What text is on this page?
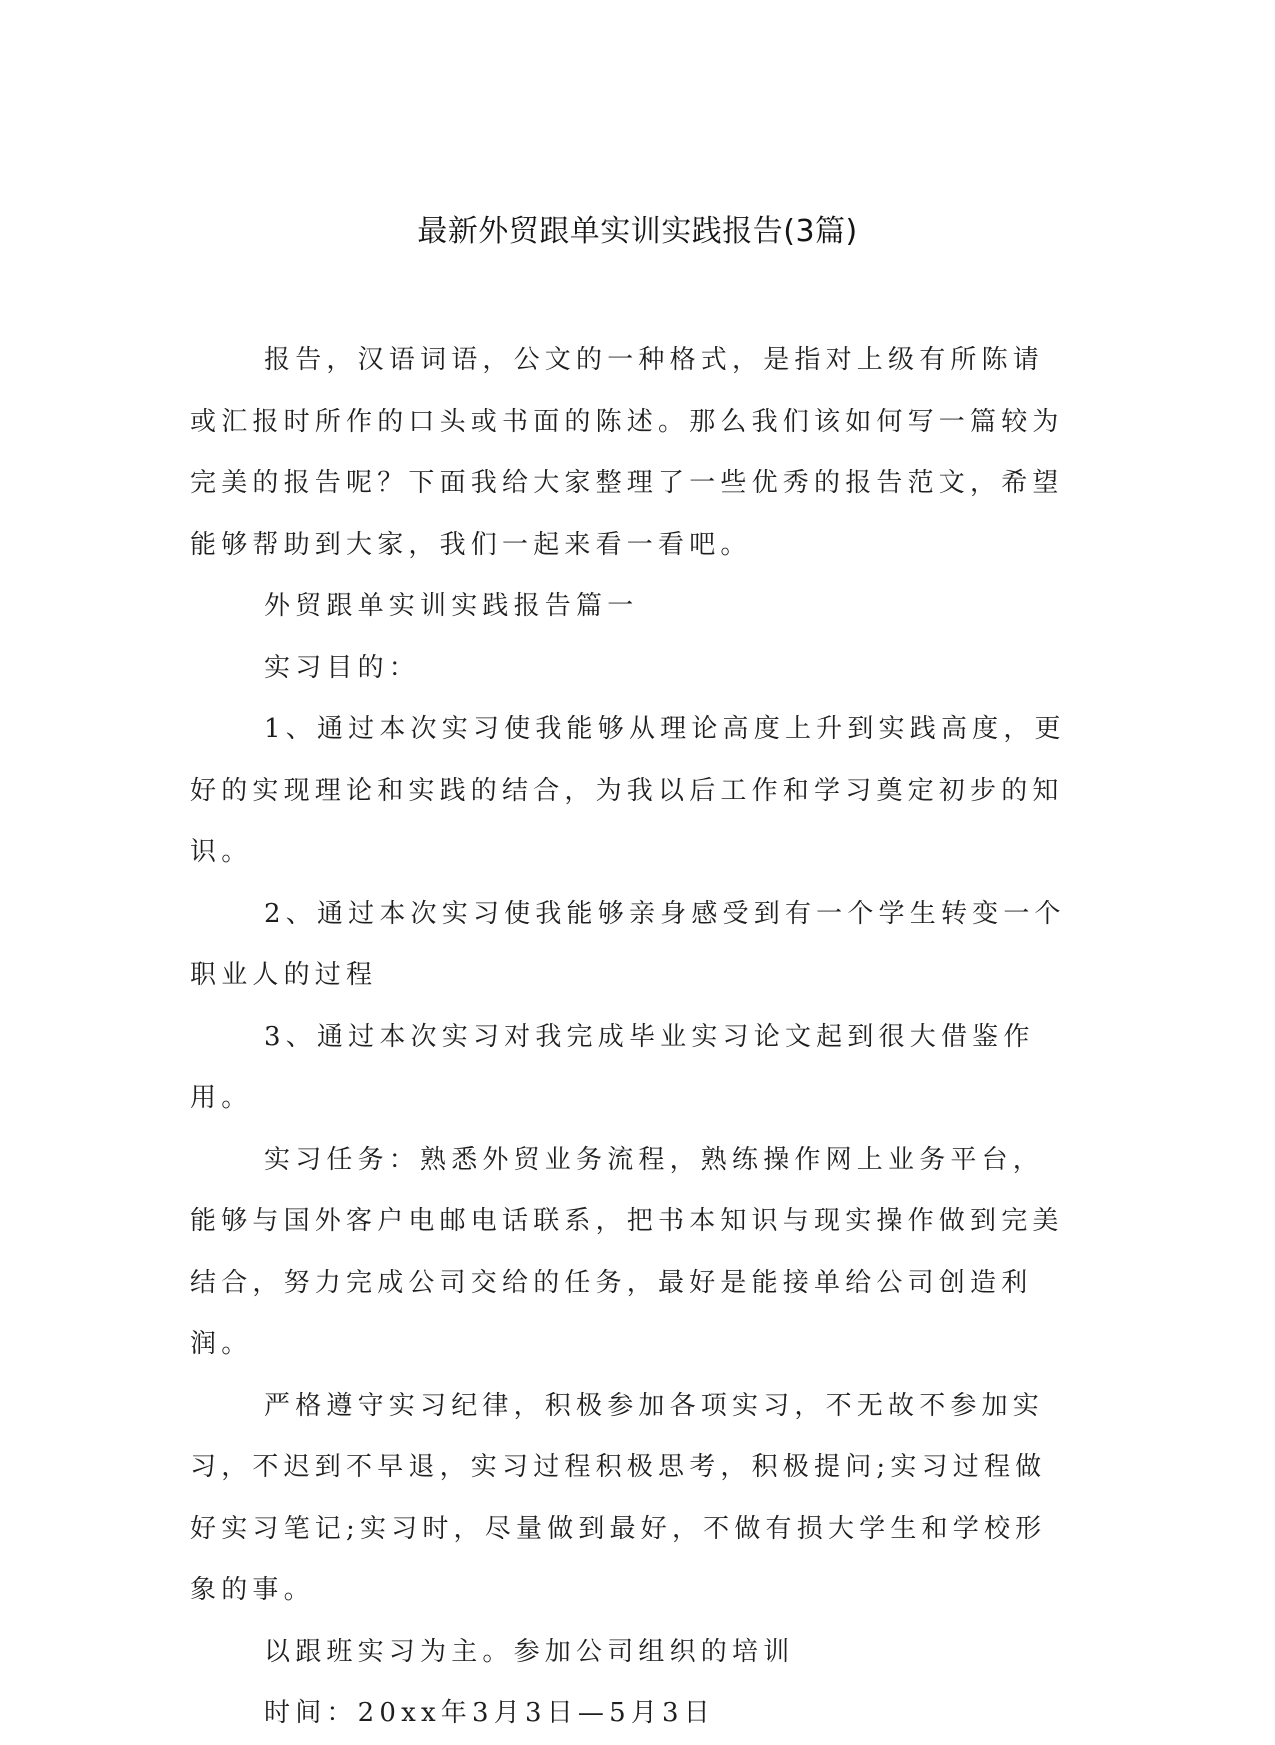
最新外贸跟单实训实践报告(3篇)

报告，汉语词语，公文的一种格式，是指对上级有所陈请或汇报时所作的口头或书面的陈述。那么我们该如何写一篇较为完美的报告呢？下面我给大家整理了一些优秀的报告范文，希望能够帮助到大家，我们一起来看一看吧。

外贸跟单实训实践报告篇一

实习目的：

1、通过本次实习使我能够从理论高度上升到实践高度，更好的实现理论和实践的结合，为我以后工作和学习奠定初步的知识。

2、通过本次实习使我能够亲身感受到有一个学生转变一个职业人的过程

3、通过本次实习对我完成毕业实习论文起到很大借鉴作用。

实习任务：熟悉外贸业务流程，熟练操作网上业务平台，能够与国外客户电邮电话联系，把书本知识与现实操作做到完美结合，努力完成公司交给的任务，最好是能接单给公司创造利润。

严格遵守实习纪律，积极参加各项实习，不无故不参加实习，不迟到不早退，实习过程积极思考，积极提问;实习过程做好实习笔记;实习时，尽量做到最好，不做有损大学生和学校形象的事。

以跟班实习为主。参加公司组织的培训

时间：20xx年3月3日—5月3日
